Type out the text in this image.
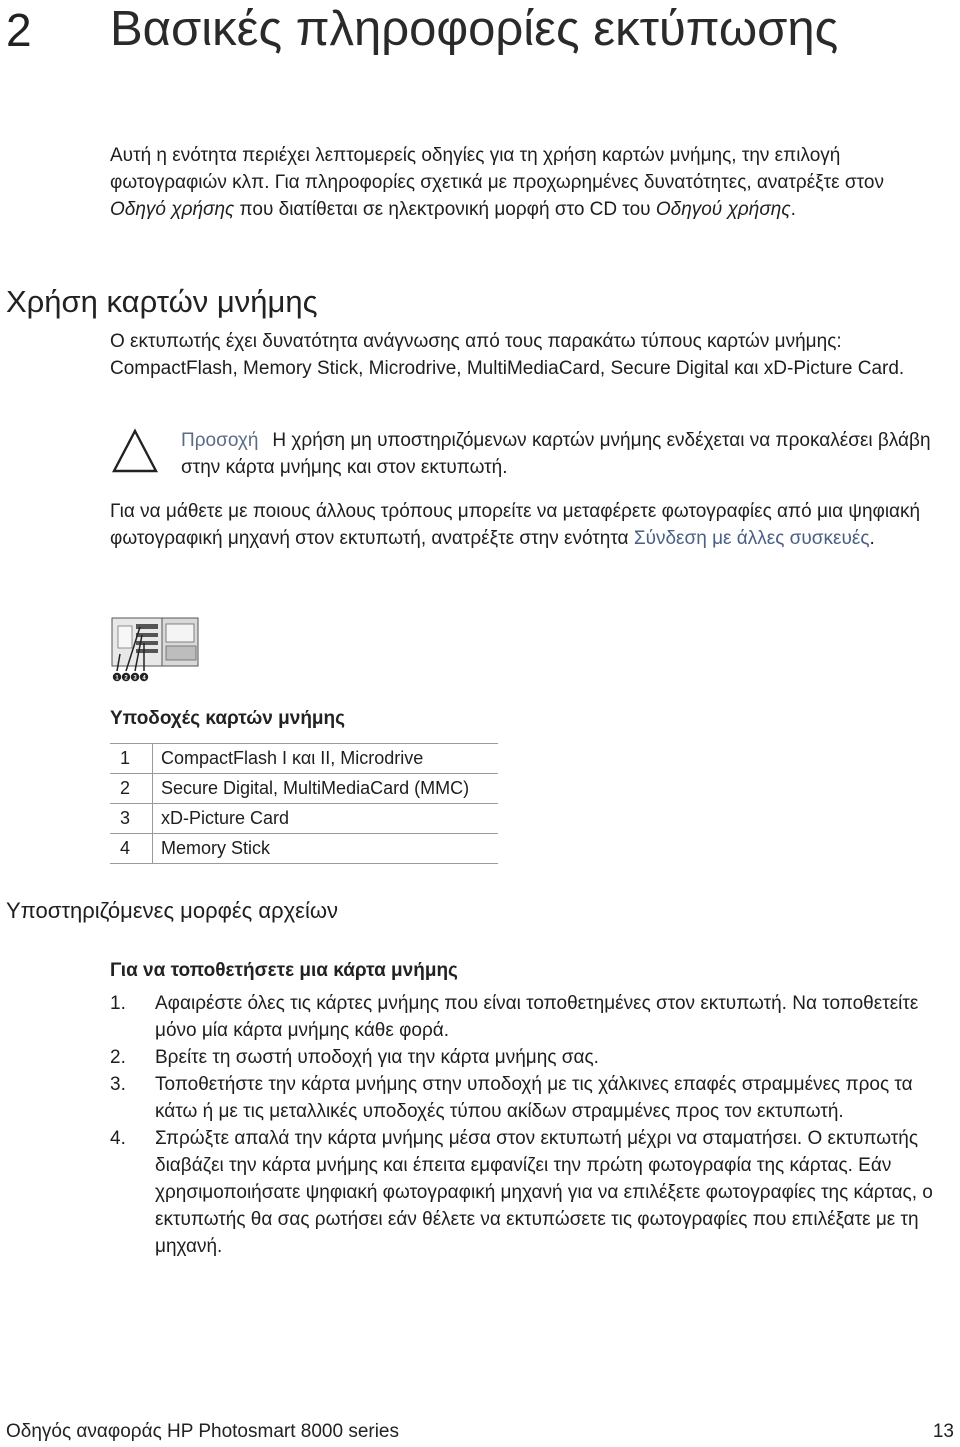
2 Βασικές πληροφορίες εκτύπωσης
Αυτή η ενότητα περιέχει λεπτομερείς οδηγίες για τη χρήση καρτών μνήμης, την επιλογή φωτογραφιών κλπ. Για πληροφορίες σχετικά με προχωρημένες δυνατότητες, ανατρέξτε στον Οδηγό χρήσης που διατίθεται σε ηλεκτρονική μορφή στο CD του Οδηγού χρήσης.
Χρήση καρτών μνήμης
Ο εκτυπωτής έχει δυνατότητα ανάγνωσης από τους παρακάτω τύπους καρτών μνήμης: CompactFlash, Memory Stick, Microdrive, MultiMediaCard, Secure Digital και xD-Picture Card.
Προσοχή Η χρήση μη υποστηριζόμενων καρτών μνήμης ενδέχεται να προκαλέσει βλάβη στην κάρτα μνήμης και στον εκτυπωτή.
Για να μάθετε με ποιους άλλους τρόπους μπορείτε να μεταφέρετε φωτογραφίες από μια ψηφιακή φωτογραφική μηχανή στον εκτυπωτή, ανατρέξτε στην ενότητα Σύνδεση με άλλες συσκευές.
1 2 3 4
Υποδοχές καρτών μνήμης
1	CompactFlash I και II, Microdrive
2	Secure Digital, MultiMediaCard (MMC)
3	xD-Picture Card
4	Memory Stick
Υποστηριζόμενες μορφές αρχείων
Για να τοποθετήσετε μια κάρτα μνήμης
1. Αφαιρέστε όλες τις κάρτες μνήμης που είναι τοποθετημένες στον εκτυπωτή. Να τοποθετείτε μόνο μία κάρτα μνήμης κάθε φορά.
2. Βρείτε τη σωστή υποδοχή για την κάρτα μνήμης σας.
3. Τοποθετήστε την κάρτα μνήμης στην υποδοχή με τις χάλκινες επαφές στραμμένες προς τα κάτω ή με τις μεταλλικές υποδοχές τύπου ακίδων στραμμένες προς τον εκτυπωτή.
4. Σπρώξτε απαλά την κάρτα μνήμης μέσα στον εκτυπωτή μέχρι να σταματήσει. Ο εκτυπωτής διαβάζει την κάρτα μνήμης και έπειτα εμφανίζει την πρώτη φωτογραφία της κάρτας. Εάν χρησιμοποιήσατε ψηφιακή φωτογραφική μηχανή για να επιλέξετε φωτογραφίες της κάρτας, ο εκτυπωτής θα σας ρωτήσει εάν θέλετε να εκτυπώσετε τις φωτογραφίες που επιλέξατε με τη μηχανή.
Οδηγός αναφοράς HP Photosmart 8000 series	13
